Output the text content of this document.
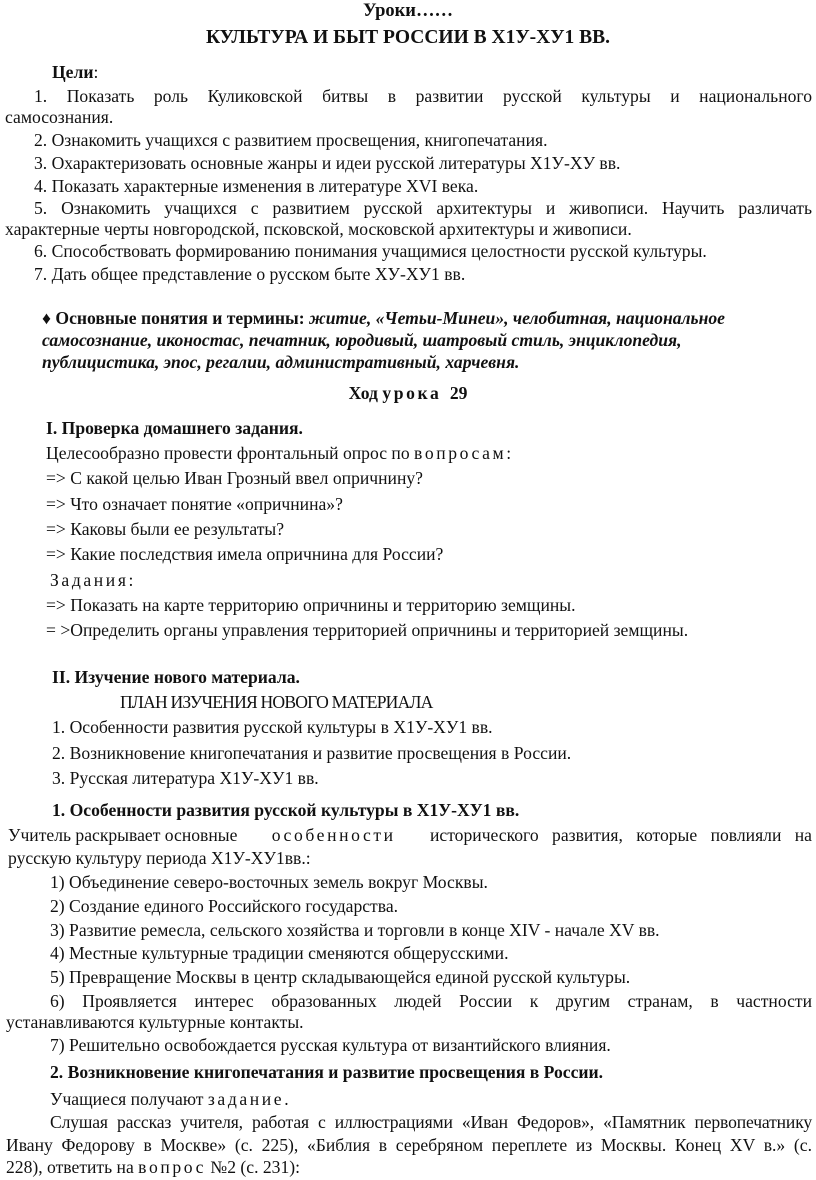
Уроки……
КУЛЬТУРА И БЫТ РОССИИ В Х1У-ХУ1 ВВ.
Цели:
1. Показать роль Куликовской битвы в развитии русской культуры и национального
самосознания.
2. Ознакомить учащихся с развитием просвещения, книгопечатания.
3. Охарактеризовать основные жанры и идеи русской литературы Х1У-ХУ вв.
4. Показать характерные изменения в литературе XVI века.
5. Ознакомить учащихся с развитием русской архитектуры и живописи. Научить различать
характерные черты новгородской, псковской, московской архитектуры и живописи.
6. Способствовать формированию понимания учащимися целостности русской культуры.
7. Дать общее представление о русском быте ХУ-ХУ1 вв.
♦ Основные понятия и термины: житие, «Четьи-Минеи», челобитная, национальное
самосознание, иконостас, печатник, юродивый, шатровый стиль, энциклопедия,
публицистика, эпос, регалии, административный, харчевня.
Ход урока 29
I. Проверка домашнего задания.
Целесообразно провести фронтальный опрос по вопросам:
=> С какой целью Иван Грозный ввел опричнину?
=> Что означает понятие «опричнина»?
=> Каковы были ее результаты?
=> Какие последствия имела опричнина для России?
Задания:
=> Показать на карте территорию опричнины и территорию земщины.
= >Определить органы управления территорией опричнины и территорией земщины.
II. Изучение нового материала.
ПЛАН ИЗУЧЕНИЯ НОВОГО МАТЕРИАЛА
1. Особенности развития русской культуры в Х1У-ХУ1 вв.
2. Возникновение книгопечатания и развитие просвещения в России.
3. Русская литература Х1У-ХУ1 вв.
1. Особенности развития русской культуры в Х1У-ХУ1 вв.
Учитель раскрывает основные особенности исторического развития, которые повлияли на
русскую культуру периода Х1У-ХУ1вв.:
1) Объединение северо-восточных земель вокруг Москвы.
2) Создание единого Российского государства.
3) Развитие ремесла, сельского хозяйства и торговли в конце XIV - начале XV вв.
4) Местные культурные традиции сменяются общерусскими.
5) Превращение Москвы в центр складывающейся единой русской культуры.
6) Проявляется интерес образованных людей России к другим странам, в частности
устанавливаются культурные контакты.
7) Решительно освобождается русская культура от византийского влияния.
2. Возникновение книгопечатания и развитие просвещения в России.
Учащиеся получают задание.
Слушая рассказ учителя, работая с иллюстрациями «Иван Федоров», «Памятник первопечатнику
Ивану Федорову в Москве» (с. 225), «Библия в серебряном переплете из Москвы. Конец XV в.» (с.
228), ответить на вопрос №2 (с. 231):
